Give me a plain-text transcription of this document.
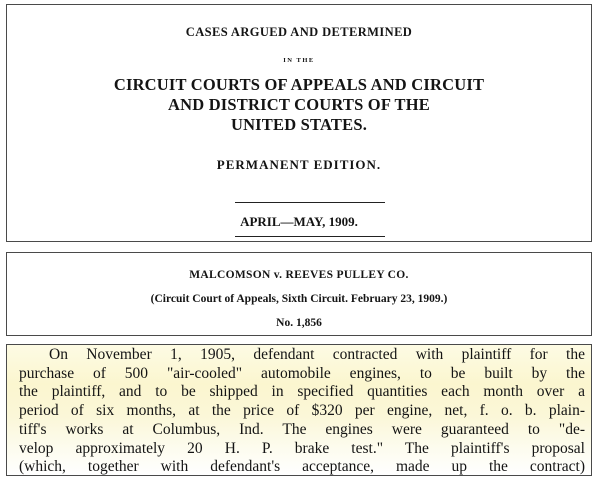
CASES ARGUED AND DETERMINED
IN THE
CIRCUIT COURTS OF APPEALS AND CIRCUIT
AND DISTRICT COURTS OF THE
UNITED STATES.
PERMANENT EDITION.
APRIL—MAY, 1909.
MALCOMSON v. REEVES PULLEY CO.
(Circuit Court of Appeals, Sixth Circuit. February 23, 1909.)
No. 1,856
On November 1, 1905, defendant contracted with plaintiff for the
purchase of 500 "air-cooled" automobile engines, to be built by the
the plaintiff, and to be shipped in specified quantities each month over a
period of six months, at the price of $320 per engine, net, f. o. b. plain-
tiff's works at Columbus, Ind. The engines were guaranteed to "de-
velop approximately 20 H. P. brake test." The plaintiff's proposal
(which, together with defendant's acceptance, made up the contract)
